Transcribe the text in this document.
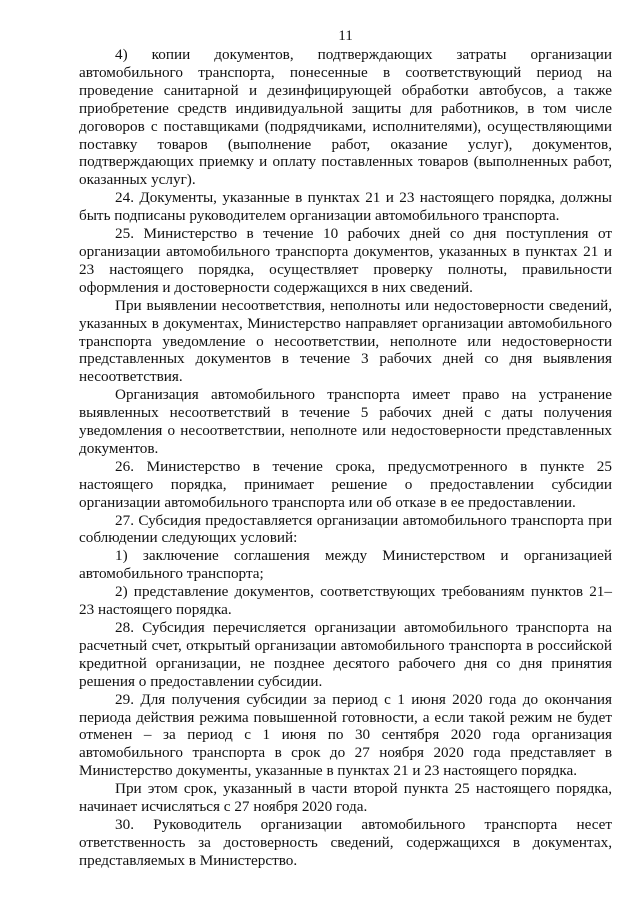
11

4) копии документов, подтверждающих затраты организации автомобильного транспорта, понесенные в соответствующий период на проведение санитарной и дезинфицирующей обработки автобусов, а также приобретение средств индивидуальной защиты для работников, в том числе договоров с поставщиками (подрядчиками, исполнителями), осуществляющими поставку товаров (выполнение работ, оказание услуг), документов, подтверждающих приемку и оплату поставленных товаров (выполненных работ, оказанных услуг).

24. Документы, указанные в пунктах 21 и 23 настоящего порядка, должны быть подписаны руководителем организации автомобильного транспорта.

25. Министерство в течение 10 рабочих дней со дня поступления от организации автомобильного транспорта документов, указанных в пунктах 21 и 23 настоящего порядка, осуществляет проверку полноты, правильности оформления и достоверности содержащихся в них сведений.

При выявлении несоответствия, неполноты или недостоверности сведений, указанных в документах, Министерство направляет организации автомобильного транспорта уведомление о несоответствии, неполноте или недостоверности представленных документов в течение 3 рабочих дней со дня выявления несоответствия.

Организация автомобильного транспорта имеет право на устранение выявленных несоответствий в течение 5 рабочих дней с даты получения уведомления о несоответствии, неполноте или недостоверности представленных документов.

26. Министерство в течение срока, предусмотренного в пункте 25 настоящего порядка, принимает решение о предоставлении субсидии организации автомобильного транспорта или об отказе в ее предоставлении.

27. Субсидия предоставляется организации автомобильного транспорта при соблюдении следующих условий:

1) заключение соглашения между Министерством и организацией автомобильного транспорта;

2) представление документов, соответствующих требованиям пунктов 21–23 настоящего порядка.

28. Субсидия перечисляется организации автомобильного транспорта на расчетный счет, открытый организации автомобильного транспорта в российской кредитной организации, не позднее десятого рабочего дня со дня принятия решения о предоставлении субсидии.

29. Для получения субсидии за период с 1 июня 2020 года до окончания периода действия режима повышенной готовности, а если такой режим не будет отменен – за период с 1 июня по 30 сентября 2020 года организация автомобильного транспорта в срок до 27 ноября 2020 года представляет в Министерство документы, указанные в пунктах 21 и 23 настоящего порядка.

При этом срок, указанный в части второй пункта 25 настоящего порядка, начинает исчисляться с 27 ноября 2020 года.

30. Руководитель организации автомобильного транспорта несет ответственность за достоверность сведений, содержащихся в документах, представляемых в Министерство.
